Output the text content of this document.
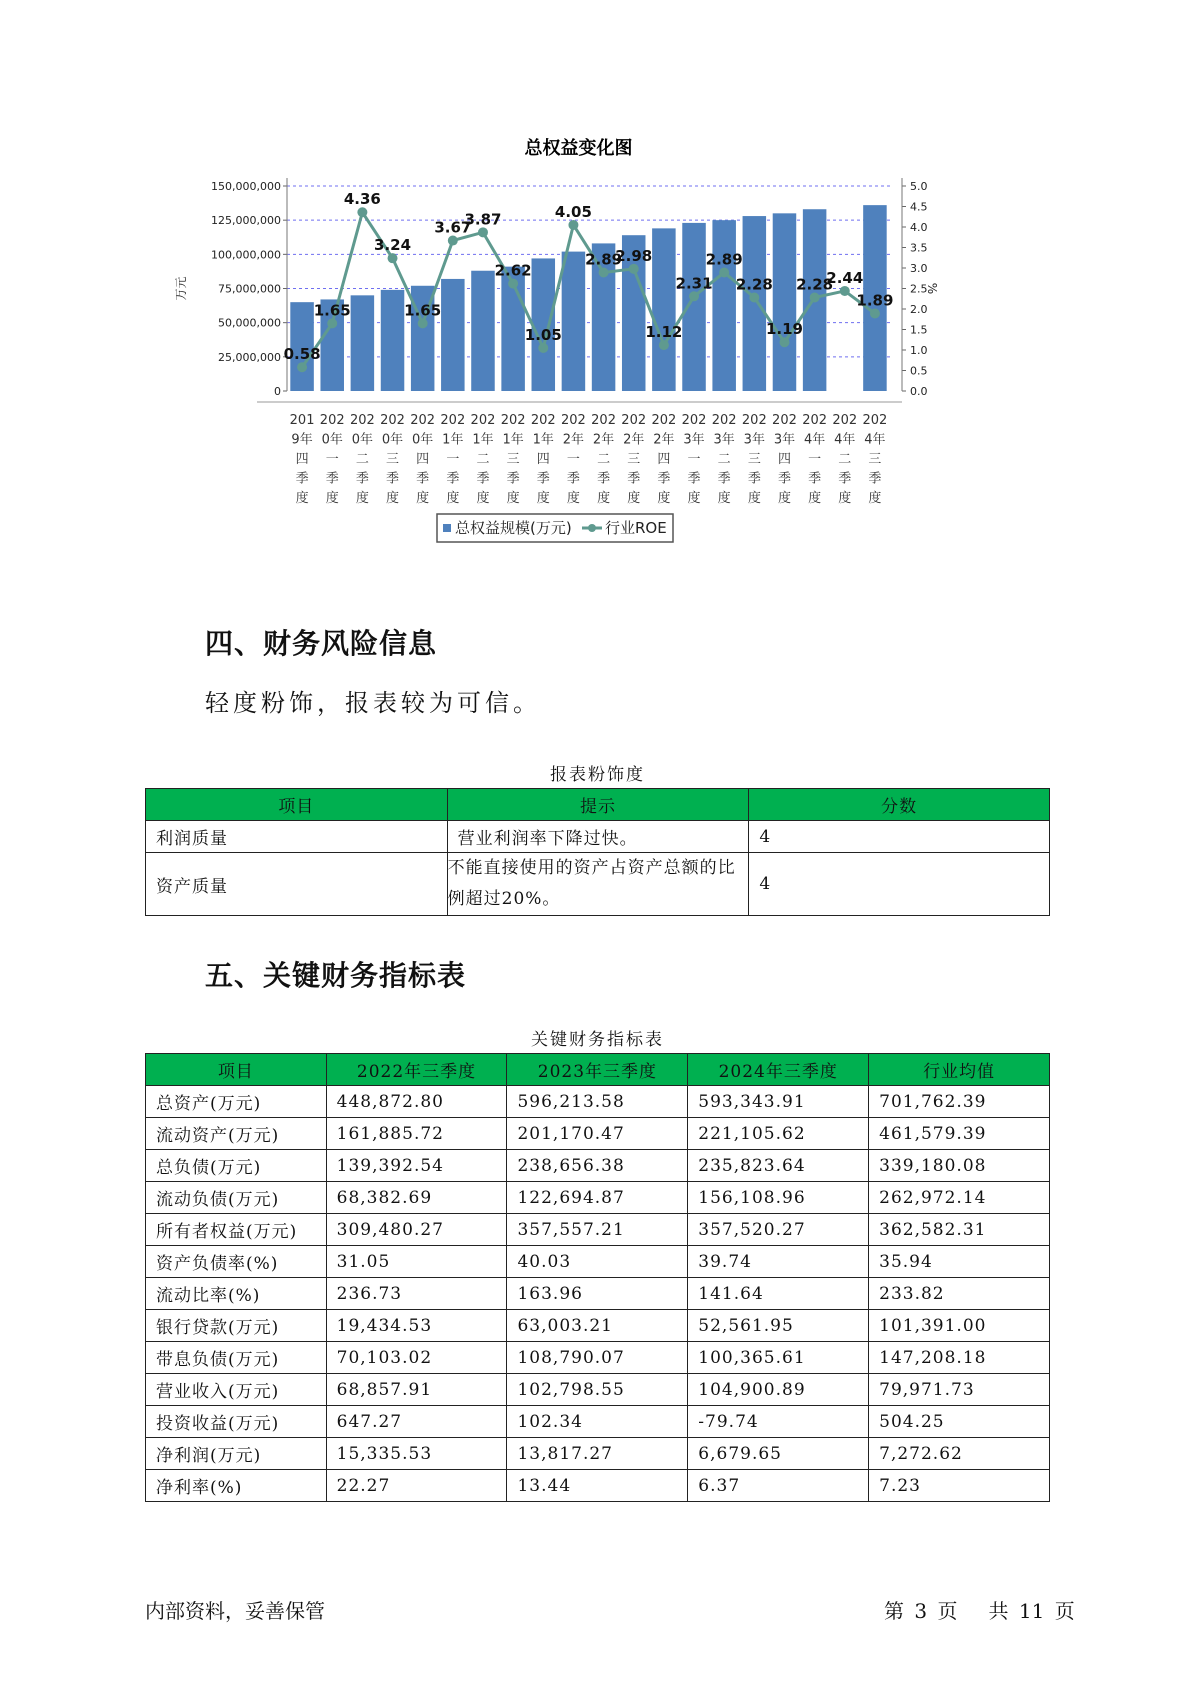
总权益变化图
0
25,000,000
50,000,000
75,000,000
100,000,000
125,000,000
150,000,000
0.0
0.5
1.0
1.5
2.0
2.5
3.0
3.5
4.0
4.5
5.0
万元	%
0.58
1.65
4.36
3.24
1.65
3.67
3.87
2.62
1.05
4.05
2.89
2.98
1.12
2.31
2.89
2.28
1.19
2.28
2.44
1.89
201
9年
四
季
度
202
0年
一
季
度
202
0年
二
季
度
202
0年
三
季
度
202
0年
四
季
度
202
1年
一
季
度
202
1年
二
季
度
202
1年
三
季
度
202
1年
四
季
度
202
2年
一
季
度
202
2年
二
季
度
202
2年
三
季
度
202
2年
四
季
度
202
3年
一
季
度
202
3年
二
季
度
202
3年
三
季
度
202
3年
四
季
度
202
4年
一
季
度
202
4年
二
季
度
202
4年
三
季
度
总权益规模(万元) 行业ROE
四、财务风险信息

轻度粉饰，报表较为可信。

报表粉饰度
项目	提示	分数
利润质量	营业利润率下降过快。	4
资产质量	不能直接使用的资产占资产总额的比例超过20%。	4
五、关键财务指标表
关键财务指标表
项目	2022年三季度	2023年三季度	2024年三季度	行业均值
总资产(万元)	448,872.80	596,213.58	593,343.91	701,762.39
流动资产(万元)	161,885.72	201,170.47	221,105.62	461,579.39
总负债(万元)	139,392.54	238,656.38	235,823.64	339,180.08
流动负债(万元)	68,382.69	122,694.87	156,108.96	262,972.14
所有者权益(万元)	309,480.27	357,557.21	357,520.27	362,582.31
资产负债率(%)	31.05	40.03	39.74	35.94
流动比率(%)	236.73	163.96	141.64	233.82
银行贷款(万元)	19,434.53	63,003.21	52,561.95	101,391.00
带息负债(万元)	70,103.02	108,790.07	100,365.61	147,208.18
营业收入(万元)	68,857.91	102,798.55	104,900.89	79,971.73
投资收益(万元)	647.27	102.34	-79.74	504.25
净利润(万元)	15,335.53	13,817.27	6,679.65	7,272.62
净利率(%)	22.27	13.44	6.37	7.23
内部资料，妥善保管	第 3 页 共 11 页
